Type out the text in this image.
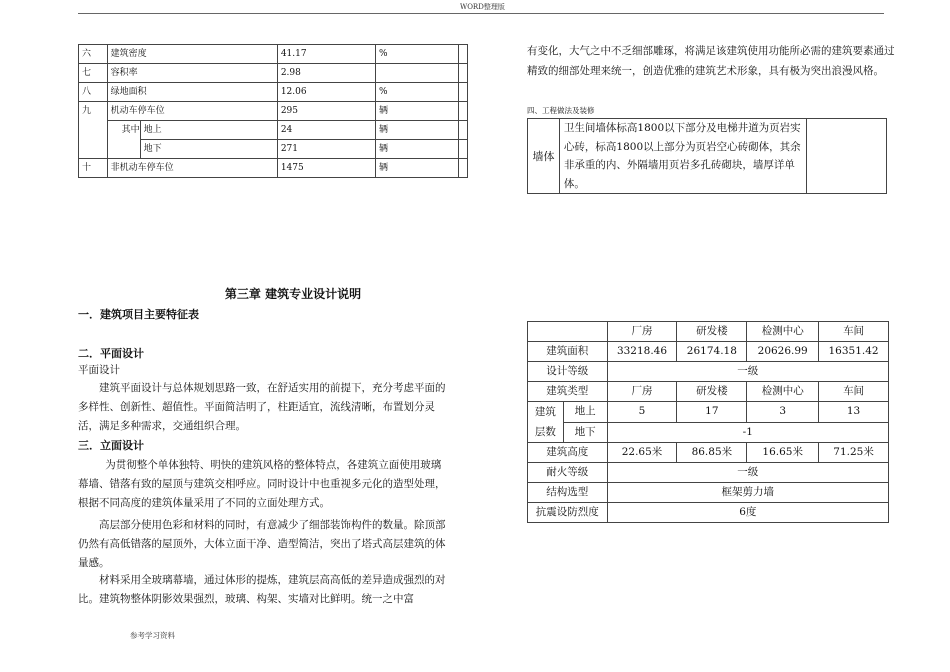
WORD整理版
六	建筑密度		41.17	%	
七	容积率		2.98		
八	绿地面积		12.06	%	
九	机动车停车位		295	辆	
	其中	地上	24	辆	
		地下	271	辆	
十	非机动车停车位		1475	辆	
有变化，大气之中不乏细部雕琢，将满足该建筑使用功能所必需的建筑要素通过精致的细部处理来统一，创造优雅的建筑艺术形象，具有极为突出浪漫风格。
四、工程做法及装修
墙体	卫生间墙体标高1800以下部分及电梯井道为页岩实心砖，标高1800以上部分为页岩空心砖砌体，其余非承重的内、外隔墙用页岩多孔砖砌块，墙厚详单体。	
第三章 建筑专业设计说明
一．建筑项目主要特征表
二．平面设计
平面设计
建筑平面设计与总体规划思路一致，在舒适实用的前提下，充分考虑平面的多样性、创新性、超值性。平面简洁明了，柱距适宜，流线清晰，布置划分灵活，满足多种需求，交通组织合理。
三．立面设计
为贯彻整个单体独特、明快的建筑风格的整体特点，各建筑立面使用玻璃幕墙、错落有致的屋顶与建筑交相呼应。同时设计中也重视多元化的造型处理，根据不同高度的建筑体量采用了不同的立面处理方式。
高层部分使用色彩和材料的同时，有意减少了细部装饰构件的数量。除顶部仍然有高低错落的屋顶外，大体立面干净、造型简洁，突出了塔式高层建筑的体量感。
材料采用全玻璃幕墙，通过体形的提炼，建筑层高高低的差异造成强烈的对比。建筑物整体阴影效果强烈，玻璃、构架、实墙对比鲜明。统一之中富
参考学习资料
		厂房	研发楼	检测中心	车间
建筑面积		33218.46	26174.18	20626.99	16351.42
设计等级		一级			
建筑类型		厂房	研发楼	检测中心	车间
建筑
层数	地上	5	17	3	13
	地下	-1			
建筑高度		22.65米	86.85米	16.65米	71.25米
耐火等级		一级			
结构选型		框架剪力墙			
抗震设防烈度		6度			
